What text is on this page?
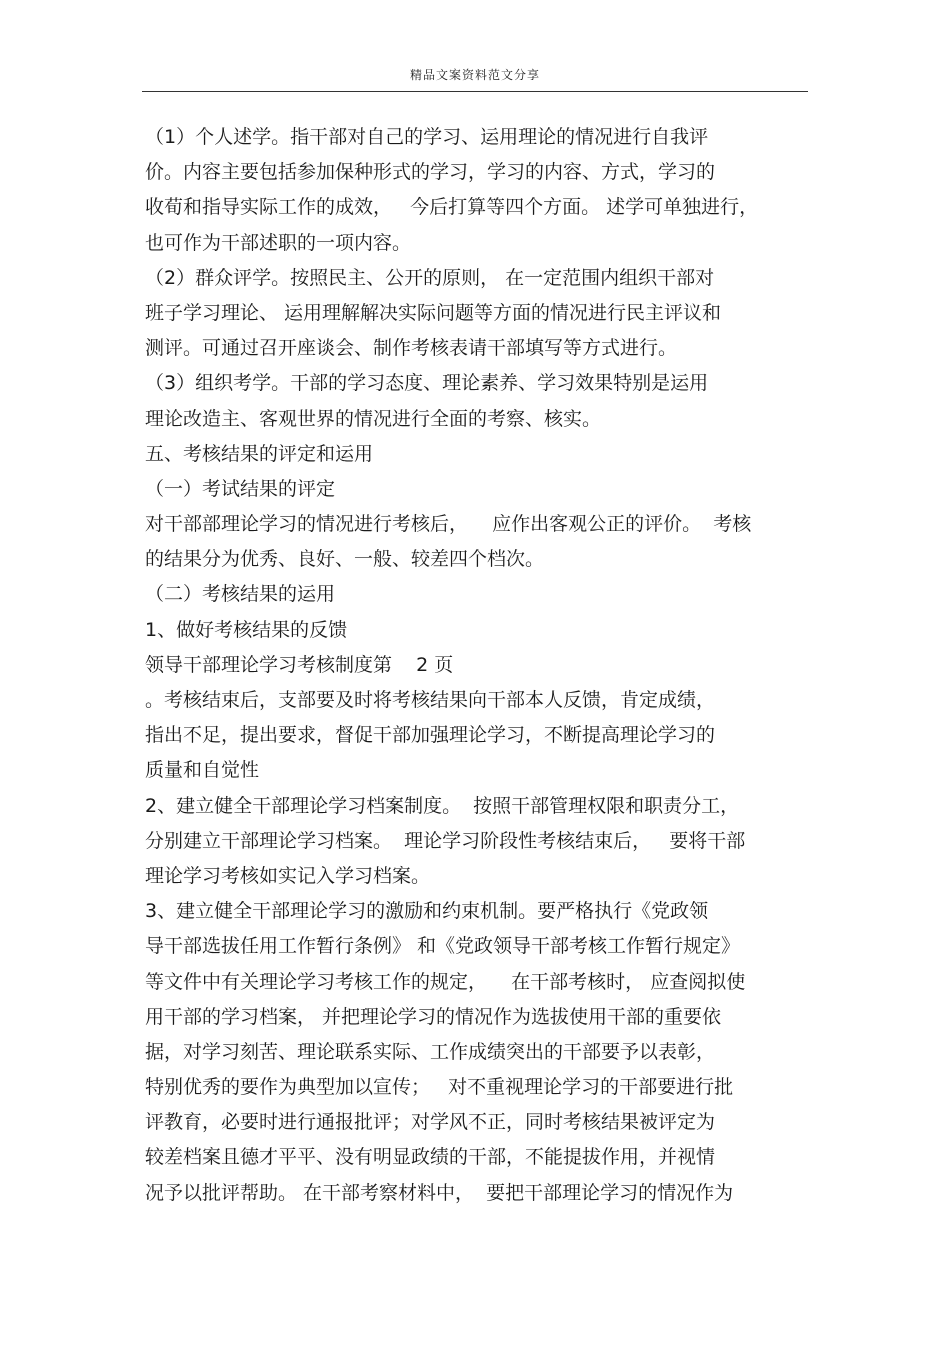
精品文案资料范文分享
（1）个人述学。指干部对自己的学习、运用理论的情况进行自我评
价。内容主要包括参加保种形式的学习，学习的内容、方式，学习的
收荀和指导实际工作的成效，   今后打算等四个方面。 述学可单独进行，
也可作为干部述职的一项内容。
（2）群众评学。按照民主、公开的原则， 在一定范围内组织干部对
班子学习理论、 运用理解解决实际问题等方面的情况进行民主评议和
测评。可通过召开座谈会、制作考核表请干部填写等方式进行。
（3）组织考学。干部的学习态度、理论素养、学习效果特别是运用
理论改造主、客观世界的情况进行全面的考察、核实。
五、考核结果的评定和运用
（一）考试结果的评定
对干部部理论学习的情况进行考核后，    应作出客观公正的评价。  考核
的结果分为优秀、良好、一般、较差四个档次。
（二）考核结果的运用
1、做好考核结果的反馈
领导干部理论学习考核制度第    2 页
。考核结束后，支部要及时将考核结果向干部本人反馈，肯定成绩，
指出不足，提出要求，督促干部加强理论学习，不断提高理论学习的
质量和自觉性
2、建立健全干部理论学习档案制度。  按照干部管理权限和职责分工，
分别建立干部理论学习档案。  理论学习阶段性考核结束后，   要将干部
理论学习考核如实记入学习档案。
3、建立健全干部理论学习的激励和约束机制。要严格执行《党政领
导干部选拔任用工作暂行条例》 和《党政领导干部考核工作暂行规定》
等文件中有关理论学习考核工作的规定，    在干部考核时， 应查阅拟使
用干部的学习档案， 并把理论学习的情况作为选拔使用干部的重要依
据，对学习刻苦、理论联系实际、工作成绩突出的干部要予以表彰，
特别优秀的要作为典型加以宣传；   对不重视理论学习的干部要进行批
评教育，必要时进行通报批评；对学风不正，同时考核结果被评定为
较差档案且德才平平、没有明显政绩的干部，不能提拔作用，并视情
况予以批评帮助。 在干部考察材料中，  要把干部理论学习的情况作为
